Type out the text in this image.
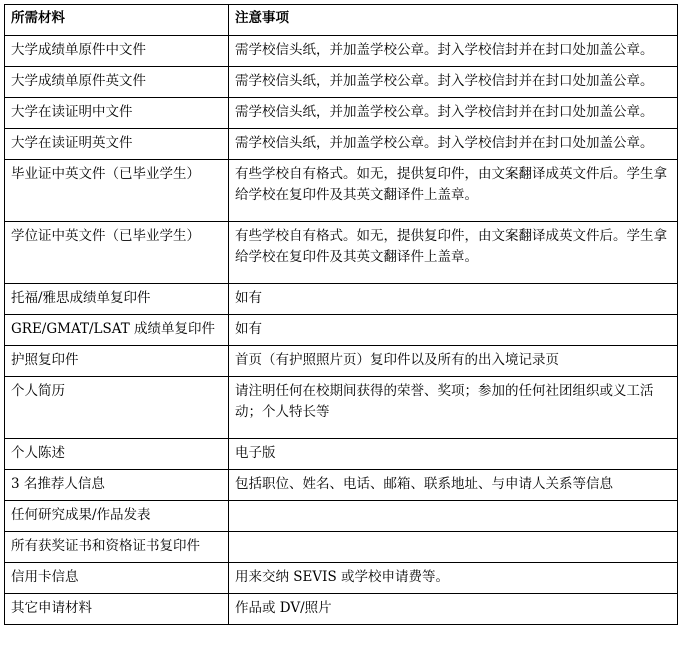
所需材料	注意事项
大学成绩单原件中文件	需学校信头纸，并加盖学校公章。封入学校信封并在封口处加盖公章。
大学成绩单原件英文件	需学校信头纸，并加盖学校公章。封入学校信封并在封口处加盖公章。
大学在读证明中文件	需学校信头纸，并加盖学校公章。封入学校信封并在封口处加盖公章。
大学在读证明英文件	需学校信头纸，并加盖学校公章。封入学校信封并在封口处加盖公章。
毕业证中英文件（已毕业学生）	有些学校自有格式。如无，提供复印件，由文案翻译成英文件后。学生拿给学校在复印件及其英文翻译件上盖章。
学位证中英文件（已毕业学生）	有些学校自有格式。如无，提供复印件，由文案翻译成英文件后。学生拿给学校在复印件及其英文翻译件上盖章。
托福/雅思成绩单复印件	如有
GRE/GMAT/LSAT 成绩单复印件	如有
护照复印件	首页（有护照照片页）复印件以及所有的出入境记录页
个人简历	请注明任何在校期间获得的荣誉、奖项；参加的任何社团组织或义工活动；个人特长等
个人陈述	电子版
3 名推荐人信息	包括职位、姓名、电话、邮箱、联系地址、与申请人关系等信息
任何研究成果/作品发表	
所有获奖证书和资格证书复印件	
信用卡信息	用来交纳 SEVIS 或学校申请费等。
其它申请材料	作品或 DV/照片
